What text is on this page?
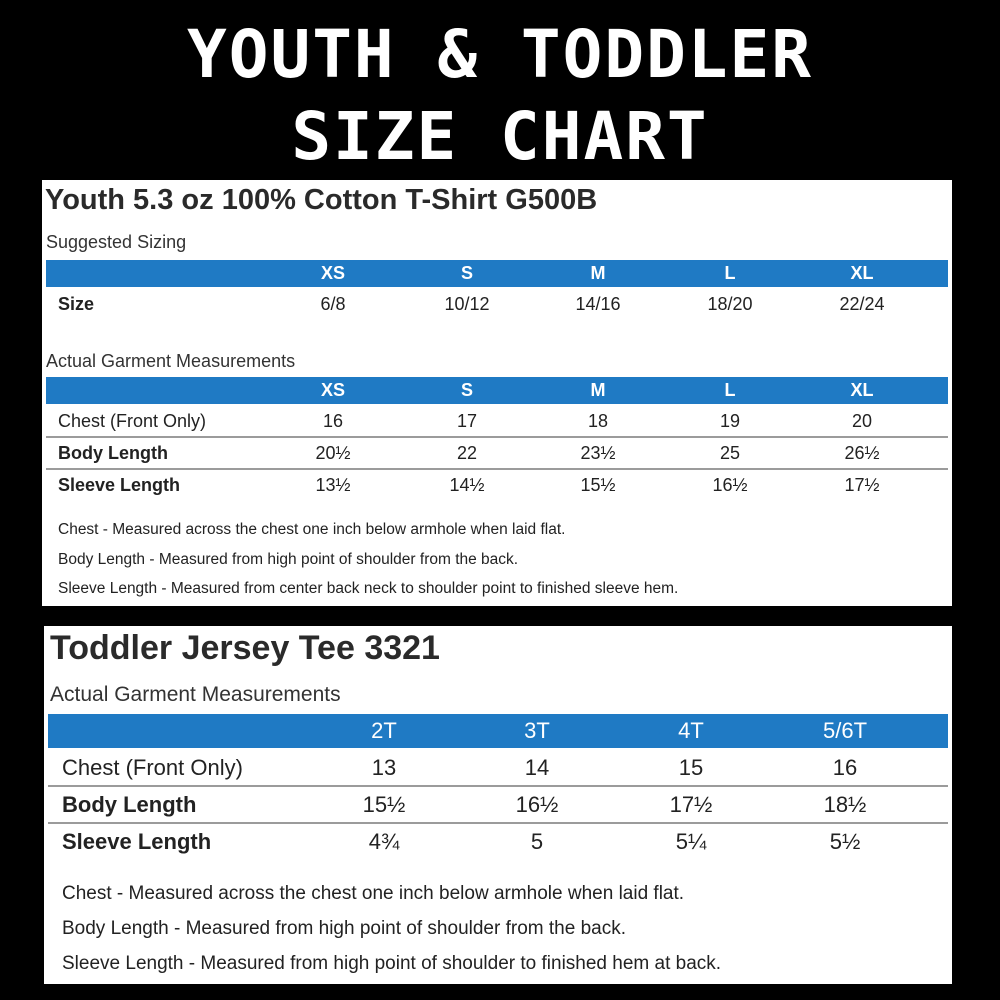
YOUTH & TODDLER
SIZE CHART
Youth 5.3 oz 100% Cotton T-Shirt G500B
Suggested Sizing
XS	S	M	L	XL
Size	6/8	10/12	14/16	18/20	22/24
Actual Garment Measurements
XS	S	M	L	XL
Chest (Front Only)	16	17	18	19	20
Body Length	20½	22	23½	25	26½
Sleeve Length	13½	14½	15½	16½	17½
Chest - Measured across the chest one inch below armhole when laid flat.
Body Length - Measured from high point of shoulder from the back.
Sleeve Length - Measured from center back neck to shoulder point to finished sleeve hem.
Toddler Jersey Tee 3321
Actual Garment Measurements
2T	3T	4T	5/6T
Chest (Front Only)	13	14	15	16
Body Length	15½	16½	17½	18½
Sleeve Length	4¾	5	5¼	5½
Chest - Measured across the chest one inch below armhole when laid flat.
Body Length - Measured from high point of shoulder from the back.
Sleeve Length - Measured from high point of shoulder to finished hem at back.
